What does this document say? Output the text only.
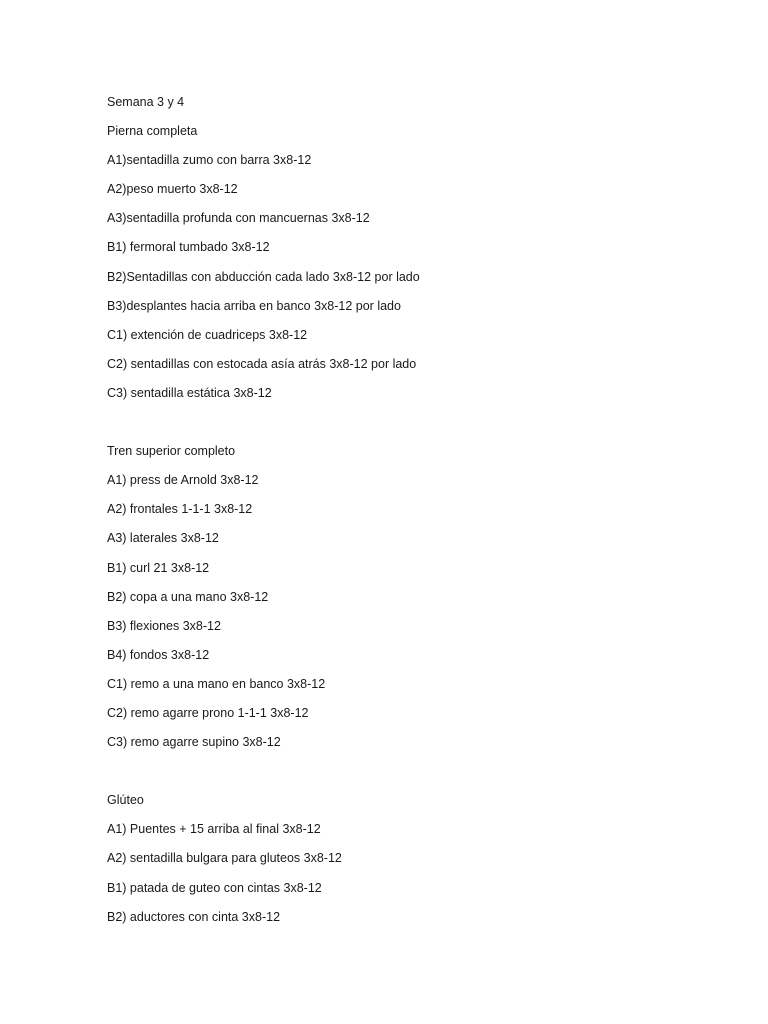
Semana 3 y 4
Pierna completa
A1)sentadilla zumo con barra 3x8-12
A2)peso muerto 3x8-12
A3)sentadilla profunda con mancuernas 3x8-12
B1) fermoral tumbado 3x8-12
B2)Sentadillas con abducción cada lado 3x8-12 por lado
B3)desplantes hacia arriba en banco 3x8-12 por lado
C1) extención de cuadriceps 3x8-12
C2) sentadillas con estocada asía atrás 3x8-12 por lado
C3) sentadilla estática 3x8-12
Tren superior completo
A1) press de Arnold 3x8-12
A2) frontales 1-1-1 3x8-12
A3) laterales 3x8-12
B1) curl 21 3x8-12
B2) copa a una mano 3x8-12
B3) flexiones 3x8-12
B4) fondos 3x8-12
C1) remo a una mano en banco 3x8-12
C2) remo agarre prono 1-1-1 3x8-12
C3) remo agarre supino 3x8-12
Glúteo
A1) Puentes + 15 arriba al final 3x8-12
A2) sentadilla bulgara para gluteos 3x8-12
B1) patada de guteo con cintas 3x8-12
B2) aductores con cinta 3x8-12
